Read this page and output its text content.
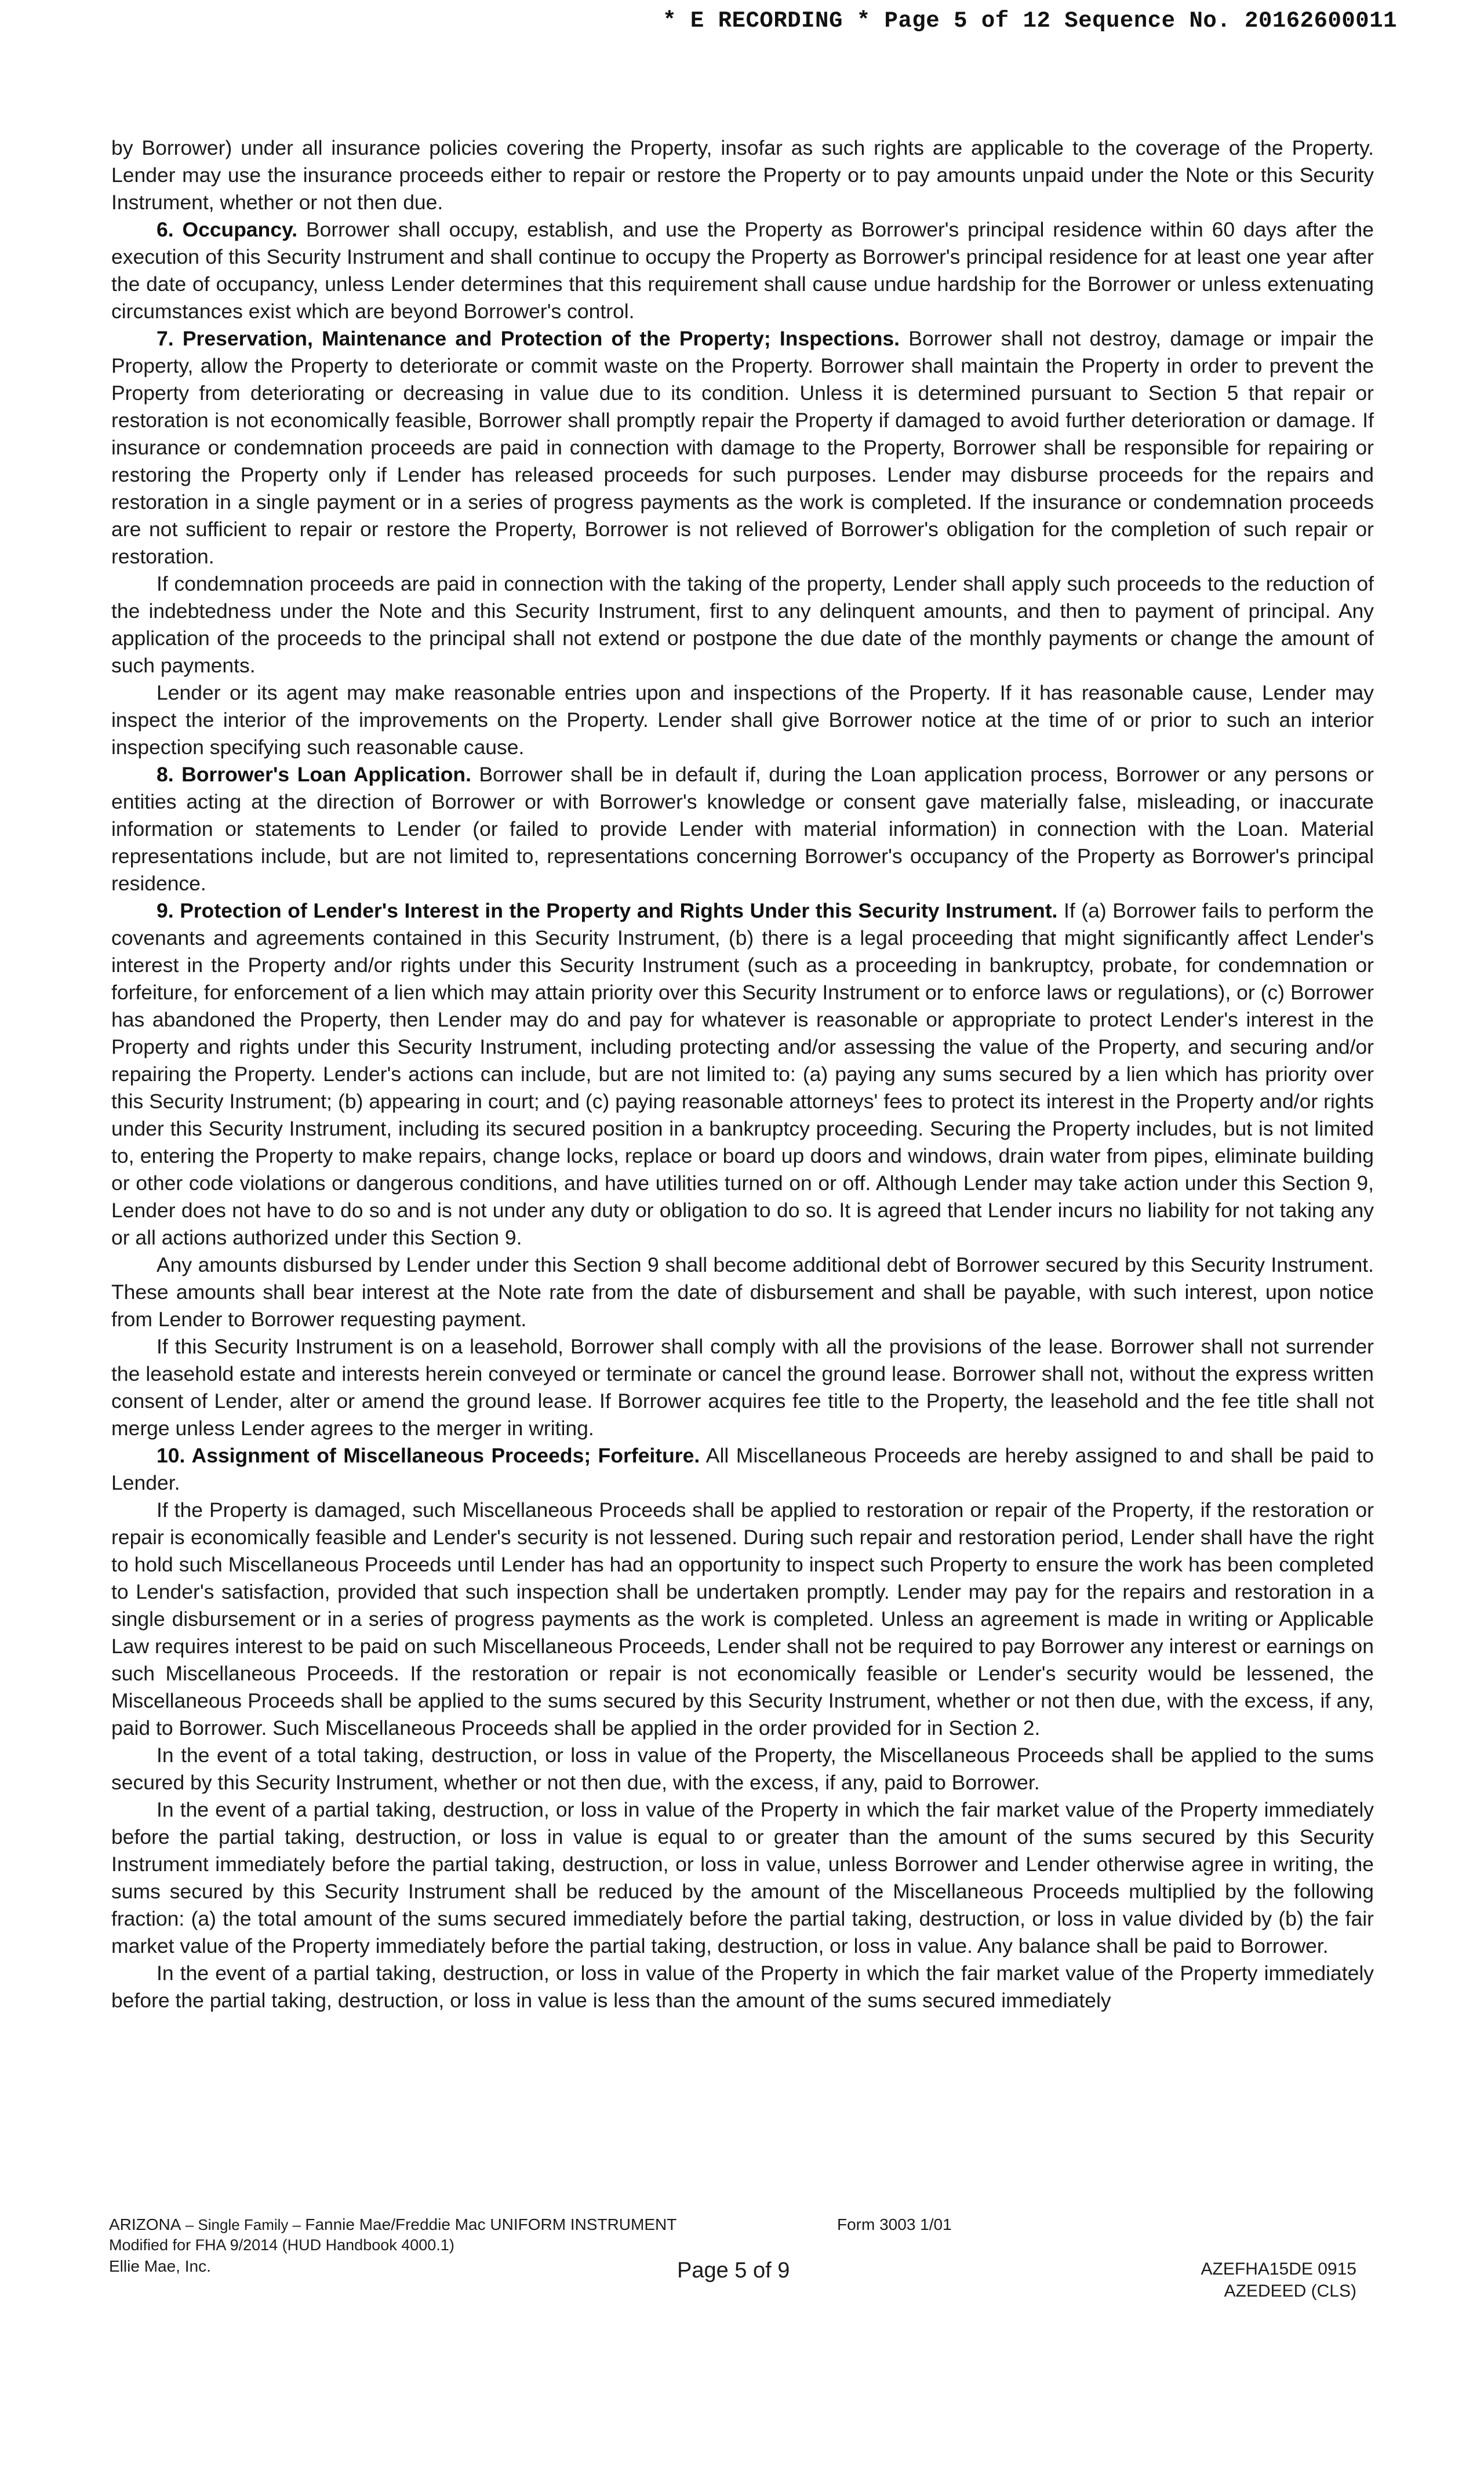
* E RECORDING * Page 5 of 12 Sequence No. 20162600011

by Borrower) under all insurance policies covering the Property, insofar as such rights are applicable to the coverage of the Property. Lender may use the insurance proceeds either to repair or restore the Property or to pay amounts unpaid under the Note or this Security Instrument, whether or not then due.

6. Occupancy. Borrower shall occupy, establish, and use the Property as Borrower's principal residence within 60 days after the execution of this Security Instrument and shall continue to occupy the Property as Borrower's principal residence for at least one year after the date of occupancy, unless Lender determines that this requirement shall cause undue hardship for the Borrower or unless extenuating circumstances exist which are beyond Borrower's control.

7. Preservation, Maintenance and Protection of the Property; Inspections. Borrower shall not destroy, damage or impair the Property, allow the Property to deteriorate or commit waste on the Property. Borrower shall maintain the Property in order to prevent the Property from deteriorating or decreasing in value due to its condition. Unless it is determined pursuant to Section 5 that repair or restoration is not economically feasible, Borrower shall promptly repair the Property if damaged to avoid further deterioration or damage. If insurance or condemnation proceeds are paid in connection with damage to the Property, Borrower shall be responsible for repairing or restoring the Property only if Lender has released proceeds for such purposes. Lender may disburse proceeds for the repairs and restoration in a single payment or in a series of progress payments as the work is completed. If the insurance or condemnation proceeds are not sufficient to repair or restore the Property, Borrower is not relieved of Borrower's obligation for the completion of such repair or restoration.

If condemnation proceeds are paid in connection with the taking of the property, Lender shall apply such proceeds to the reduction of the indebtedness under the Note and this Security Instrument, first to any delinquent amounts, and then to payment of principal. Any application of the proceeds to the principal shall not extend or postpone the due date of the monthly payments or change the amount of such payments.

Lender or its agent may make reasonable entries upon and inspections of the Property. If it has reasonable cause, Lender may inspect the interior of the improvements on the Property. Lender shall give Borrower notice at the time of or prior to such an interior inspection specifying such reasonable cause.

8. Borrower's Loan Application. Borrower shall be in default if, during the Loan application process, Borrower or any persons or entities acting at the direction of Borrower or with Borrower's knowledge or consent gave materially false, misleading, or inaccurate information or statements to Lender (or failed to provide Lender with material information) in connection with the Loan. Material representations include, but are not limited to, representations concerning Borrower's occupancy of the Property as Borrower's principal residence.

9. Protection of Lender's Interest in the Property and Rights Under this Security Instrument. If (a) Borrower fails to perform the covenants and agreements contained in this Security Instrument, (b) there is a legal proceeding that might significantly affect Lender's interest in the Property and/or rights under this Security Instrument (such as a proceeding in bankruptcy, probate, for condemnation or forfeiture, for enforcement of a lien which may attain priority over this Security Instrument or to enforce laws or regulations), or (c) Borrower has abandoned the Property, then Lender may do and pay for whatever is reasonable or appropriate to protect Lender's interest in the Property and rights under this Security Instrument, including protecting and/or assessing the value of the Property, and securing and/or repairing the Property. Lender's actions can include, but are not limited to: (a) paying any sums secured by a lien which has priority over this Security Instrument; (b) appearing in court; and (c) paying reasonable attorneys' fees to protect its interest in the Property and/or rights under this Security Instrument, including its secured position in a bankruptcy proceeding. Securing the Property includes, but is not limited to, entering the Property to make repairs, change locks, replace or board up doors and windows, drain water from pipes, eliminate building or other code violations or dangerous conditions, and have utilities turned on or off. Although Lender may take action under this Section 9, Lender does not have to do so and is not under any duty or obligation to do so. It is agreed that Lender incurs no liability for not taking any or all actions authorized under this Section 9.

Any amounts disbursed by Lender under this Section 9 shall become additional debt of Borrower secured by this Security Instrument. These amounts shall bear interest at the Note rate from the date of disbursement and shall be payable, with such interest, upon notice from Lender to Borrower requesting payment.

If this Security Instrument is on a leasehold, Borrower shall comply with all the provisions of the lease. Borrower shall not surrender the leasehold estate and interests herein conveyed or terminate or cancel the ground lease. Borrower shall not, without the express written consent of Lender, alter or amend the ground lease. If Borrower acquires fee title to the Property, the leasehold and the fee title shall not merge unless Lender agrees to the merger in writing.

10. Assignment of Miscellaneous Proceeds; Forfeiture. All Miscellaneous Proceeds are hereby assigned to and shall be paid to Lender.

If the Property is damaged, such Miscellaneous Proceeds shall be applied to restoration or repair of the Property, if the restoration or repair is economically feasible and Lender's security is not lessened. During such repair and restoration period, Lender shall have the right to hold such Miscellaneous Proceeds until Lender has had an opportunity to inspect such Property to ensure the work has been completed to Lender's satisfaction, provided that such inspection shall be undertaken promptly. Lender may pay for the repairs and restoration in a single disbursement or in a series of progress payments as the work is completed. Unless an agreement is made in writing or Applicable Law requires interest to be paid on such Miscellaneous Proceeds, Lender shall not be required to pay Borrower any interest or earnings on such Miscellaneous Proceeds. If the restoration or repair is not economically feasible or Lender's security would be lessened, the Miscellaneous Proceeds shall be applied to the sums secured by this Security Instrument, whether or not then due, with the excess, if any, paid to Borrower. Such Miscellaneous Proceeds shall be applied in the order provided for in Section 2.

In the event of a total taking, destruction, or loss in value of the Property, the Miscellaneous Proceeds shall be applied to the sums secured by this Security Instrument, whether or not then due, with the excess, if any, paid to Borrower.

In the event of a partial taking, destruction, or loss in value of the Property in which the fair market value of the Property immediately before the partial taking, destruction, or loss in value is equal to or greater than the amount of the sums secured by this Security Instrument immediately before the partial taking, destruction, or loss in value, unless Borrower and Lender otherwise agree in writing, the sums secured by this Security Instrument shall be reduced by the amount of the Miscellaneous Proceeds multiplied by the following fraction: (a) the total amount of the sums secured immediately before the partial taking, destruction, or loss in value divided by (b) the fair market value of the Property immediately before the partial taking, destruction, or loss in value. Any balance shall be paid to Borrower.

In the event of a partial taking, destruction, or loss in value of the Property in which the fair market value of the Property immediately before the partial taking, destruction, or loss in value is less than the amount of the sums secured immediately

ARIZONA – Single Family – Fannie Mae/Freddie Mac UNIFORM INSTRUMENT	Form 3003 1/01
Modified for FHA 9/2014 (HUD Handbook 4000.1)
Ellie Mae, Inc.	Page 5 of 9	AZEFHA15DE 0915
AZEDEED (CLS)
